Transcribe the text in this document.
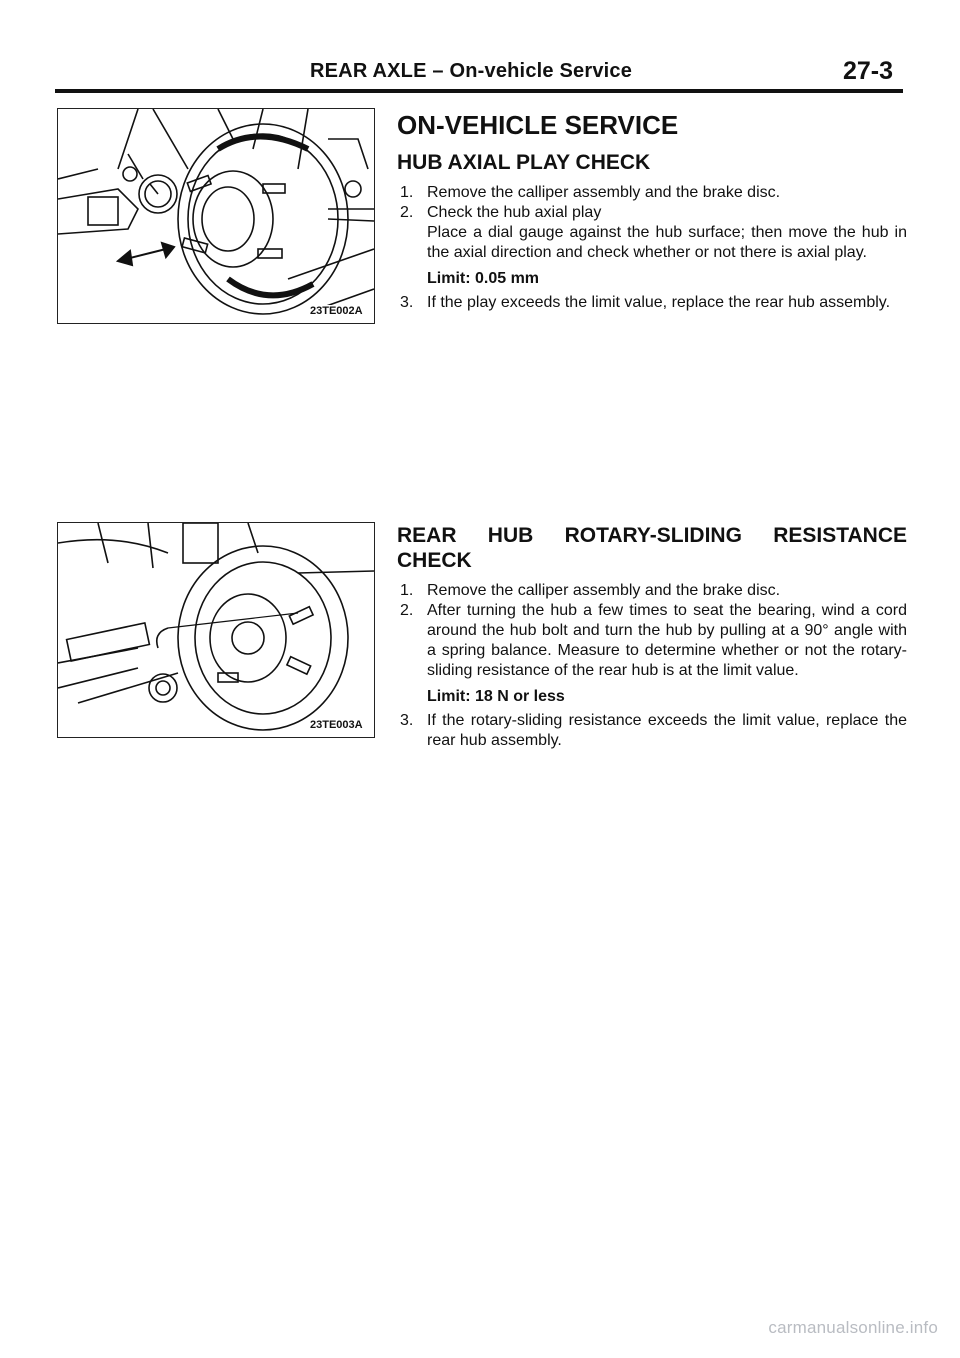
REAR AXLE – On-vehicle Service	27-3
23TE002A
23TE003A
ON-VEHICLE SERVICE
HUB AXIAL PLAY CHECK
1. Remove the calliper assembly and the brake disc.

2. Check the hub axial play

Place a dial gauge against the hub surface; then move the hub in the axial direction and check whether or not there is axial play.

Limit: 0.05 mm

3. If the play exceeds the limit value, replace the rear hub assembly.

REAR HUB ROTARY-SLIDING RESISTANCE
CHECK
1. Remove the calliper assembly and the brake disc.

2. After turning the hub a few times to seat the bearing, wind a cord around the hub bolt and turn the hub by pulling at a 90° angle with a spring balance. Measure to determine whether or not the rotary-sliding resistance of the rear hub is at the limit value.

Limit: 18 N or less

3. If the rotary-sliding resistance exceeds the limit value, replace the rear hub assembly.

carmanualsonline.info
